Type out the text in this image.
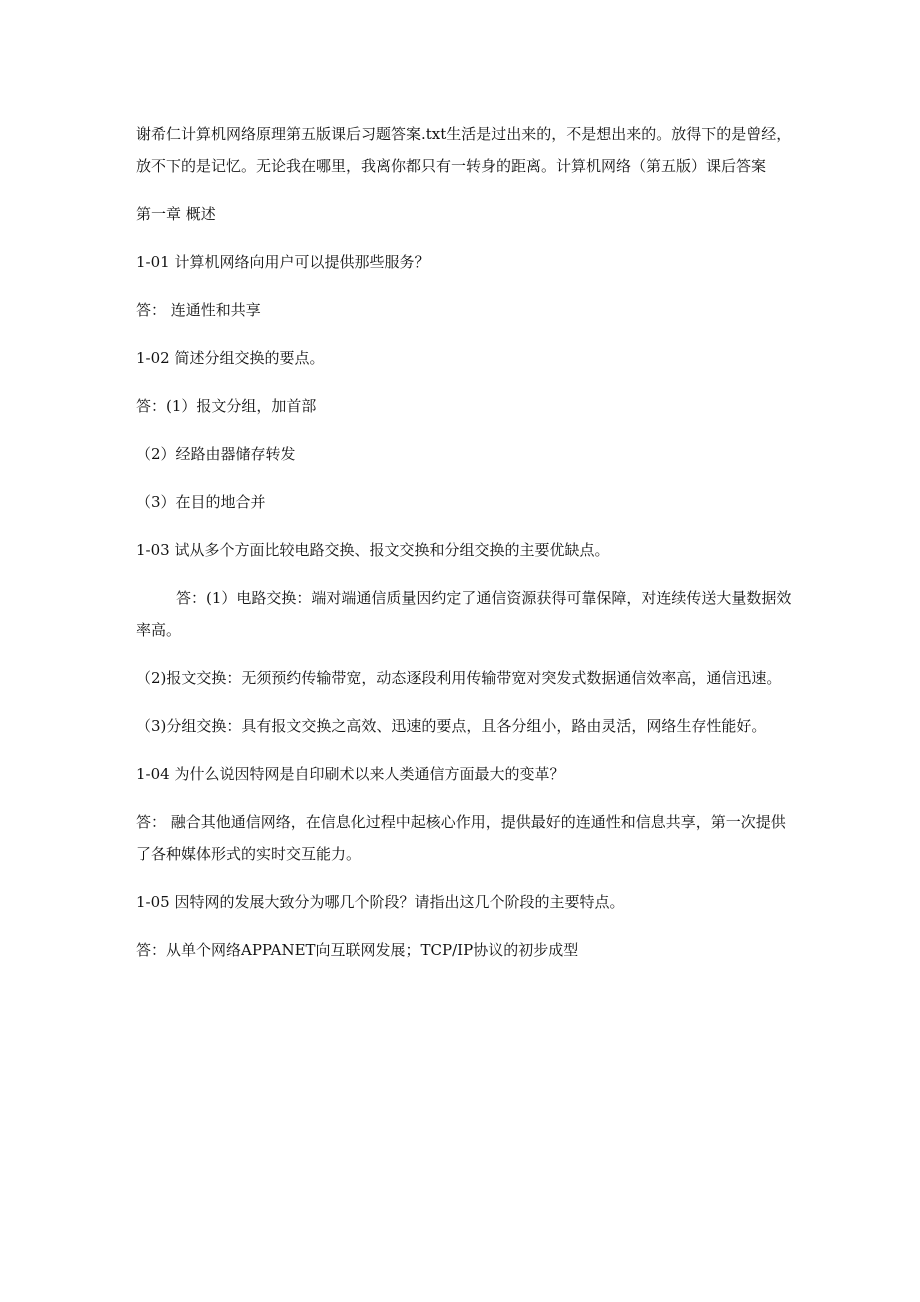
谢希仁计算机网络原理第五版课后习题答案.txt生活是过出来的，不是想出来的。放得下的是曾经，放不下的是记忆。无论我在哪里，我离你都只有一转身的距离。计算机网络（第五版）课后答案

第一章 概述

1-01 计算机网络向用户可以提供那些服务？

答： 连通性和共享

1-02 简述分组交换的要点。

答：(1）报文分组，加首部

（2）经路由器储存转发

（3）在目的地合并

1-03 试从多个方面比较电路交换、报文交换和分组交换的主要优缺点。

答：(1）电路交换：端对端通信质量因约定了通信资源获得可靠保障，对连续传送大量数据效率高。

（2)报文交换：无须预约传输带宽，动态逐段利用传输带宽对突发式数据通信效率高，通信迅速。

（3)分组交换：具有报文交换之高效、迅速的要点，且各分组小，路由灵活，网络生存性能好。

1-04 为什么说因特网是自印刷术以来人类通信方面最大的变革？

答： 融合其他通信网络，在信息化过程中起核心作用，提供最好的连通性和信息共享，第一次提供了各种媒体形式的实时交互能力。

1-05 因特网的发展大致分为哪几个阶段？请指出这几个阶段的主要特点。

答：从单个网络APPANET向互联网发展；TCP/IP协议的初步成型
